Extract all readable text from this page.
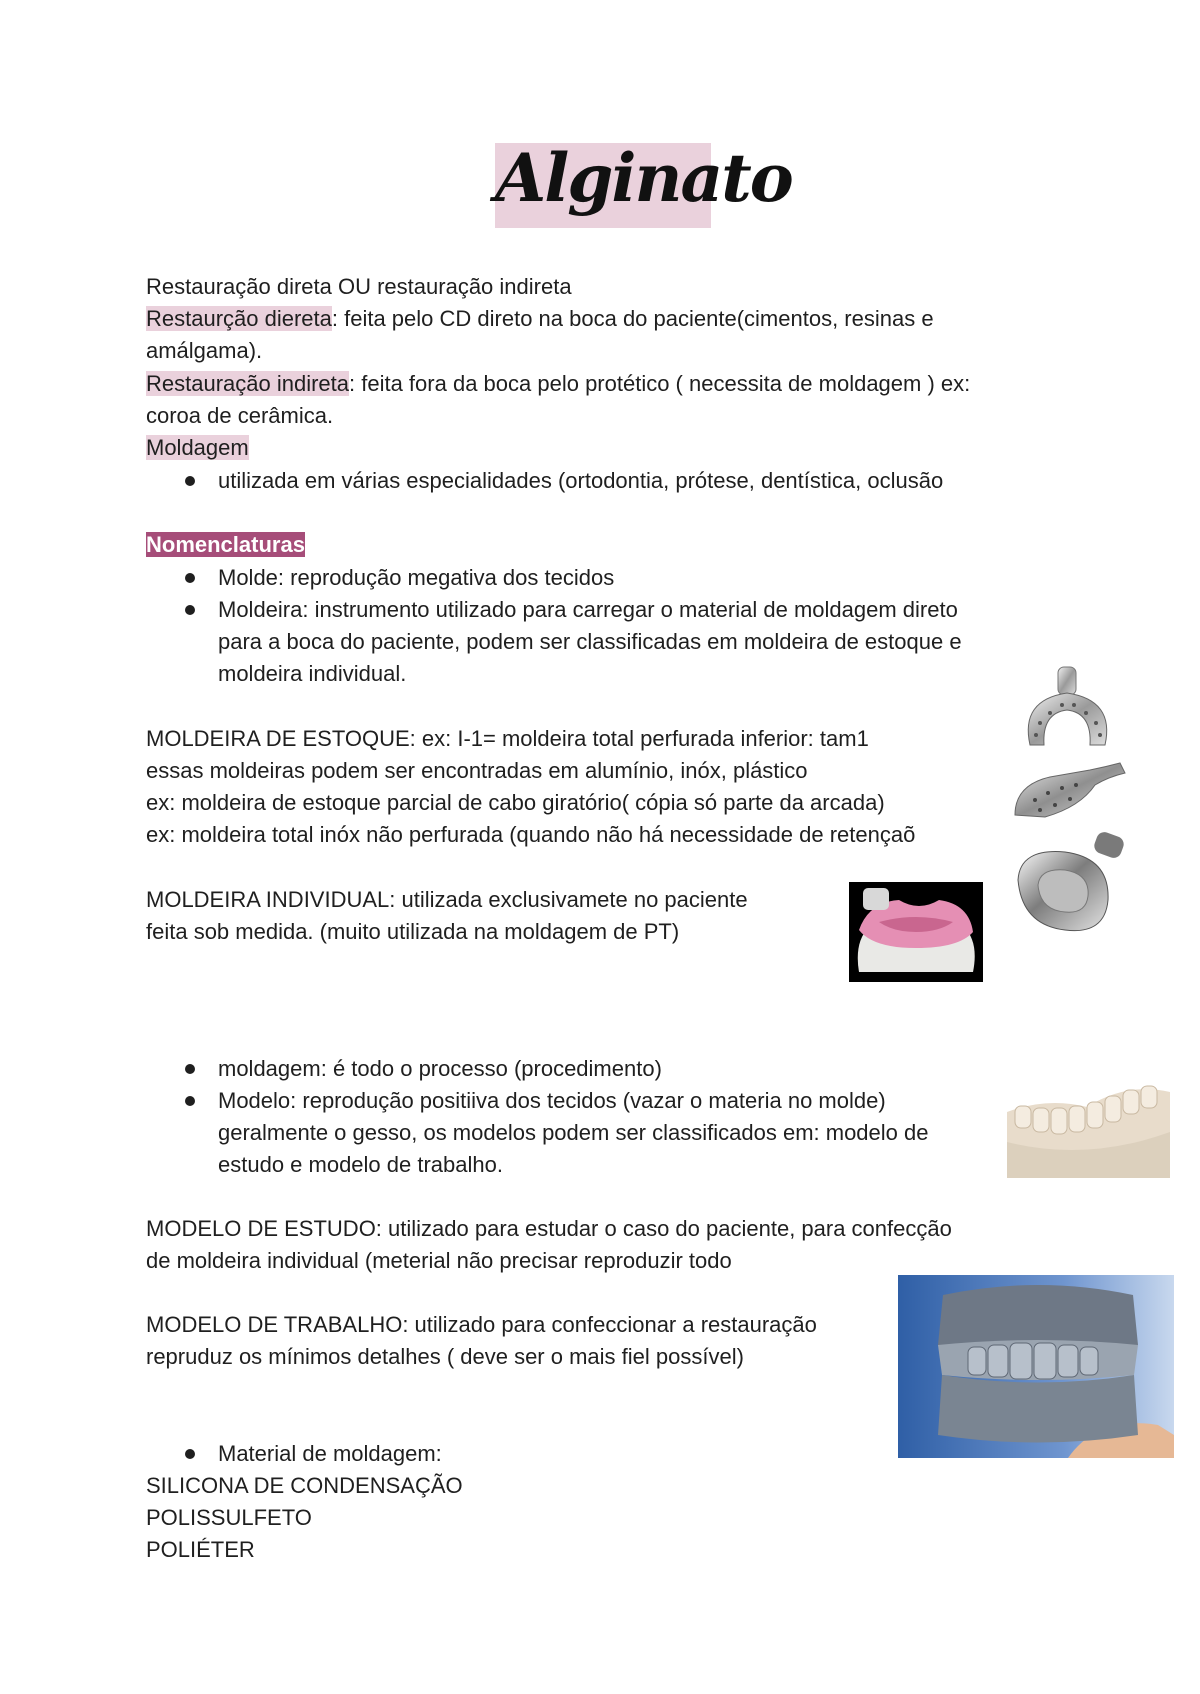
Alginato
Restauração direta OU restauração indireta
Restaurção diereta: feita pelo CD direto na boca do paciente(cimentos, resinas e
amálgama).
Restauração indireta: feita fora da boca pelo protético ( necessita de moldagem ) ex:
coroa de cerâmica.
Moldagem
utilizada em várias especialidades (ortodontia, prótese, dentística, oclusão
Nomenclaturas
Molde: reprodução megativa dos tecidos
Moldeira: instrumento utilizado para carregar o material de moldagem direto
para a boca do paciente, podem ser classificadas em moldeira de estoque e
moldeira individual.
MOLDEIRA DE ESTOQUE: ex: I-1= moldeira total perfurada inferior: tam1
essas moldeiras podem ser encontradas em alumínio, inóx, plástico
ex: moldeira de estoque parcial de cabo giratório( cópia só parte da arcada)
ex: moldeira total inóx não perfurada (quando não há necessidade de retençaõ
MOLDEIRA INDIVIDUAL: utilizada exclusivamete no paciente
feita sob medida. (muito utilizada na moldagem de PT)
moldagem: é todo o processo (procedimento)
Modelo: reprodução positiiva dos tecidos (vazar o materia no molde)
geralmente o gesso, os modelos podem ser classificados em: modelo de
estudo e modelo de trabalho.
MODELO DE ESTUDO: utilizado para estudar o caso do paciente, para confecção
de moldeira individual (meterial não precisar reproduzir todo
MODELO DE TRABALHO: utilizado para confeccionar a restauração
repruduz os mínimos detalhes ( deve ser o mais fiel possível)
Material de moldagem:
SILICONA DE CONDENSAÇÃO
POLISSULFETO
POLIÉTER
